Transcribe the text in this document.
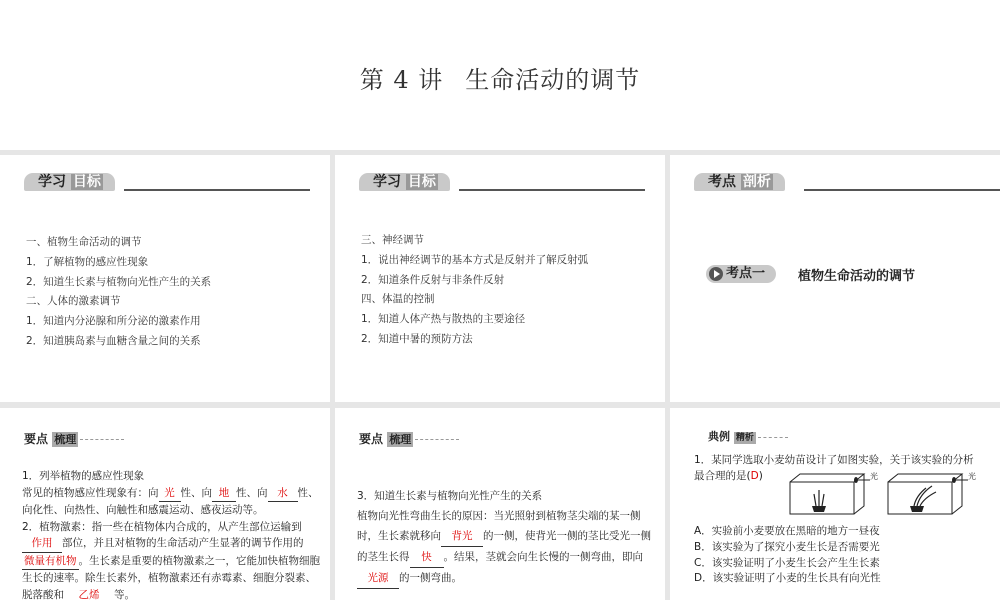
第 4 讲 生命活动的调节
学习 目标
一、植物生命活动的调节
1．了解植物的感应性现象
2．知道生长素与植物向光性产生的关系
二、人体的激素调节
1．知道内分泌腺和所分泌的激素作用
2．知道胰岛素与血糖含量之间的关系
学习 目标
三、神经调节
1．说出神经调节的基本方式是反射并了解反射弧
2．知道条件反射与非条件反射
四、体温的控制
1．知道人体产热与散热的主要途径
2．知道中暑的预防方法
考点 剖析
考点一	植物生命活动的调节
要点 梳理
1．列举植物的感应性现象
常见的植物感应性现象有：向 光 性、向 地 性、向 水 性、向化性、向热性、向触性和感震运动、感夜运动等。
2．植物激素：指一些在植物体内合成的，从产生部位运输到作用 部位，并且对植物的生命活动产生显著的调节作用的微量有机物 。生长素是重要的植物激素之一，它能加快植物细胞生长的速率。除生长素外，植物激素还有赤霉素、细胞分裂素、脱落酸和 乙烯 等。
要点 梳理
3．知道生长素与植物向光性产生的关系
植物向光性弯曲生长的原因：当光照射到植物茎尖端的某一侧时，生长素就移向 背光 的一侧，使背光一侧的茎比受光一侧的茎生长得 快 。结果，茎就会向生长慢的一侧弯曲，即向光源 的一侧弯曲。
典例 精析
1．某同学选取小麦幼苗设计了如图实验，关于该实验的分析最合理的是(D)	光	光
A．实验前小麦要放在黑暗的地方一昼夜
B．该实验为了探究小麦生长是否需要光
C．该实验证明了小麦生长会产生生长素
D．该实验证明了小麦的生长具有向光性
